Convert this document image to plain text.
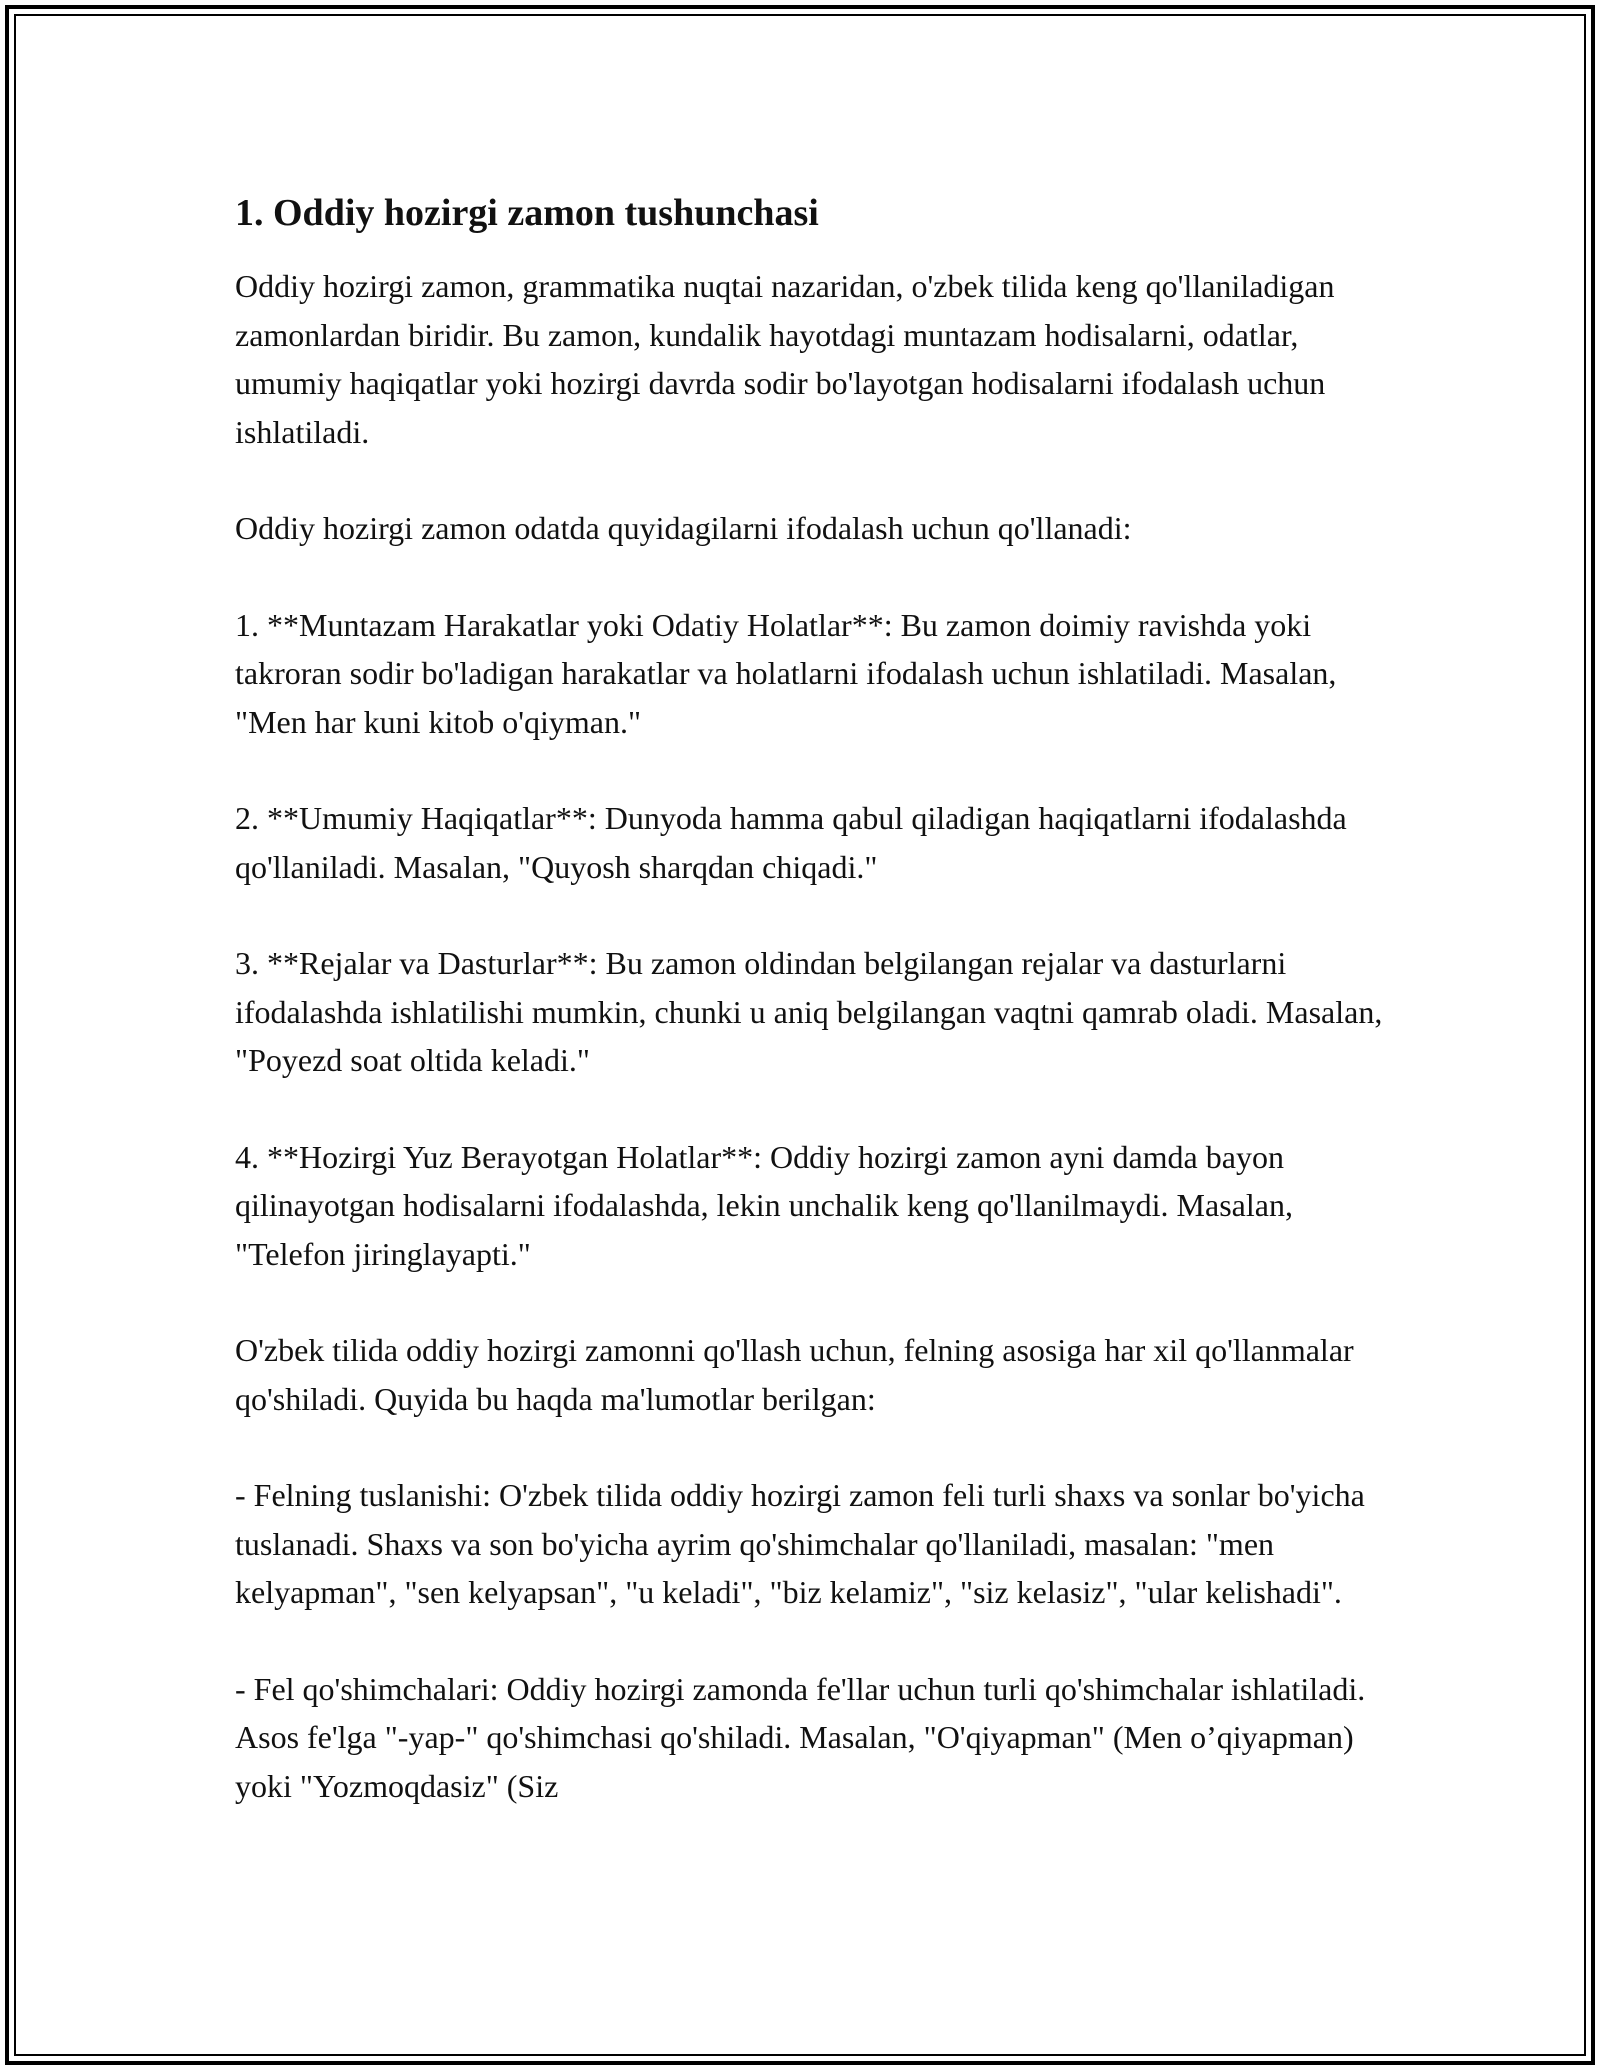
1. Oddiy hozirgi zamon tushunchasi

Oddiy hozirgi zamon, grammatika nuqtai nazaridan, o'zbek tilida keng qo'llaniladigan zamonlardan biridir. Bu zamon, kundalik hayotdagi muntazam hodisalarni, odatlar, umumiy haqiqatlar yoki hozirgi davrda sodir bo'layotgan hodisalarni ifodalash uchun ishlatiladi.

Oddiy hozirgi zamon odatda quyidagilarni ifodalash uchun qo'llanadi:

1. **Muntazam Harakatlar yoki Odatiy Holatlar**: Bu zamon doimiy ravishda yoki takroran sodir bo'ladigan harakatlar va holatlarni ifodalash uchun ishlatiladi. Masalan, "Men har kuni kitob o'qiyman."

2. **Umumiy Haqiqatlar**: Dunyoda hamma qabul qiladigan haqiqatlarni ifodalashda qo'llaniladi. Masalan, "Quyosh sharqdan chiqadi."

3. **Rejalar va Dasturlar**: Bu zamon oldindan belgilangan rejalar va dasturlarni ifodalashda ishlatilishi mumkin, chunki u aniq belgilangan vaqtni qamrab oladi. Masalan, "Poyezd soat oltida keladi."

4. **Hozirgi Yuz Berayotgan Holatlar**: Oddiy hozirgi zamon ayni damda bayon qilinayotgan hodisalarni ifodalashda, lekin unchalik keng qo'llanilmaydi. Masalan, "Telefon jiringlayapti."

O'zbek tilida oddiy hozirgi zamonni qo'llash uchun, felning asosiga har xil qo'llanmalar qo'shiladi. Quyida bu haqda ma'lumotlar berilgan:

- Felning tuslanishi: O'zbek tilida oddiy hozirgi zamon feli turli shaxs va sonlar bo'yicha tuslanadi. Shaxs va son bo'yicha ayrim qo'shimchalar qo'llaniladi, masalan: "men kelyapman", "sen kelyapsan", "u keladi", "biz kelamiz", "siz kelasiz", "ular kelishadi".

- Fel qo'shimchalari: Oddiy hozirgi zamonda fe'llar uchun turli qo'shimchalar ishlatiladi. Asos fe'lga "-yap-" qo'shimchasi qo'shiladi. Masalan, "O'qiyapman" (Men o’qiyapman) yoki "Yozmoqdasiz" (Siz
